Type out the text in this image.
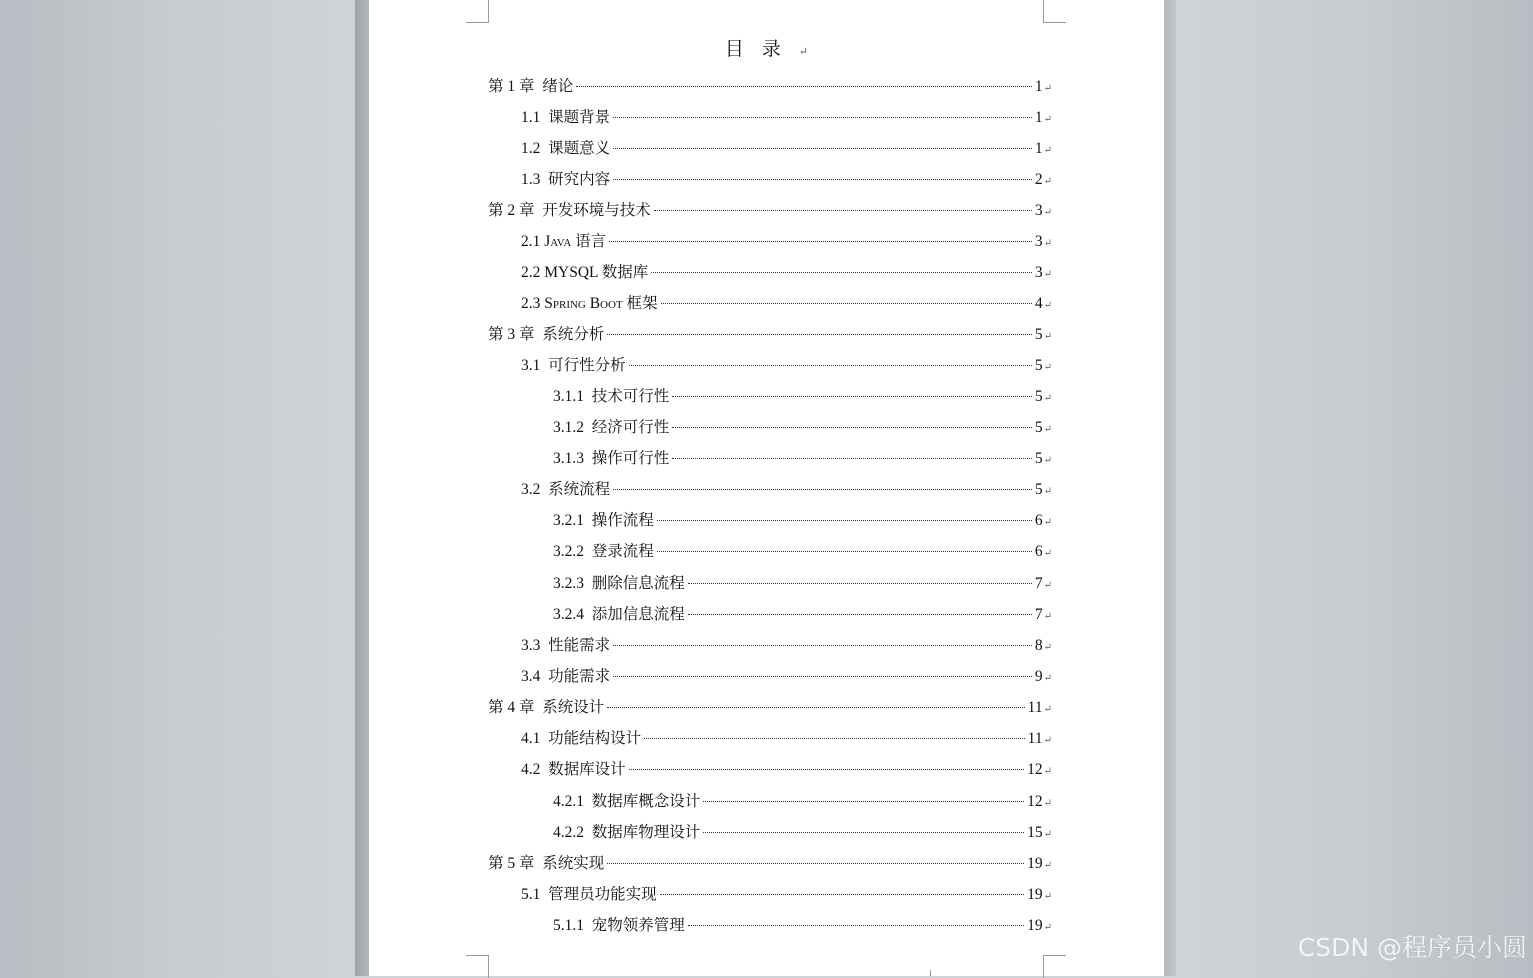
目录↵
第 1 章  绪论	1 ↵
1.1  课题背景	1 ↵
1.2  课题意义	1 ↵
1.3  研究内容	2 ↵
第 2 章  开发环境与技术	3 ↵
2.1 Java 语言	3 ↵
2.2 MYSQL 数据库	3 ↵
2.3 Spring Boot 框架	4 ↵
第 3 章  系统分析	5 ↵
3.1  可行性分析	5 ↵
3.1.1  技术可行性	5 ↵
3.1.2  经济可行性	5 ↵
3.1.3  操作可行性	5 ↵
3.2  系统流程	5 ↵
3.2.1  操作流程	6 ↵
3.2.2  登录流程	6 ↵
3.2.3  删除信息流程	7 ↵
3.2.4  添加信息流程	7 ↵
3.3  性能需求	8 ↵
3.4  功能需求	9 ↵
第 4 章  系统设计	11 ↵
4.1  功能结构设计	11 ↵
4.2  数据库设计	12 ↵
4.2.1  数据库概念设计	12 ↵
4.2.2  数据库物理设计	15 ↵
第 5 章  系统实现	19 ↵
5.1  管理员功能实现	19 ↵
5.1.1  宠物领养管理	19 ↵
CSDN @程序员小圆
